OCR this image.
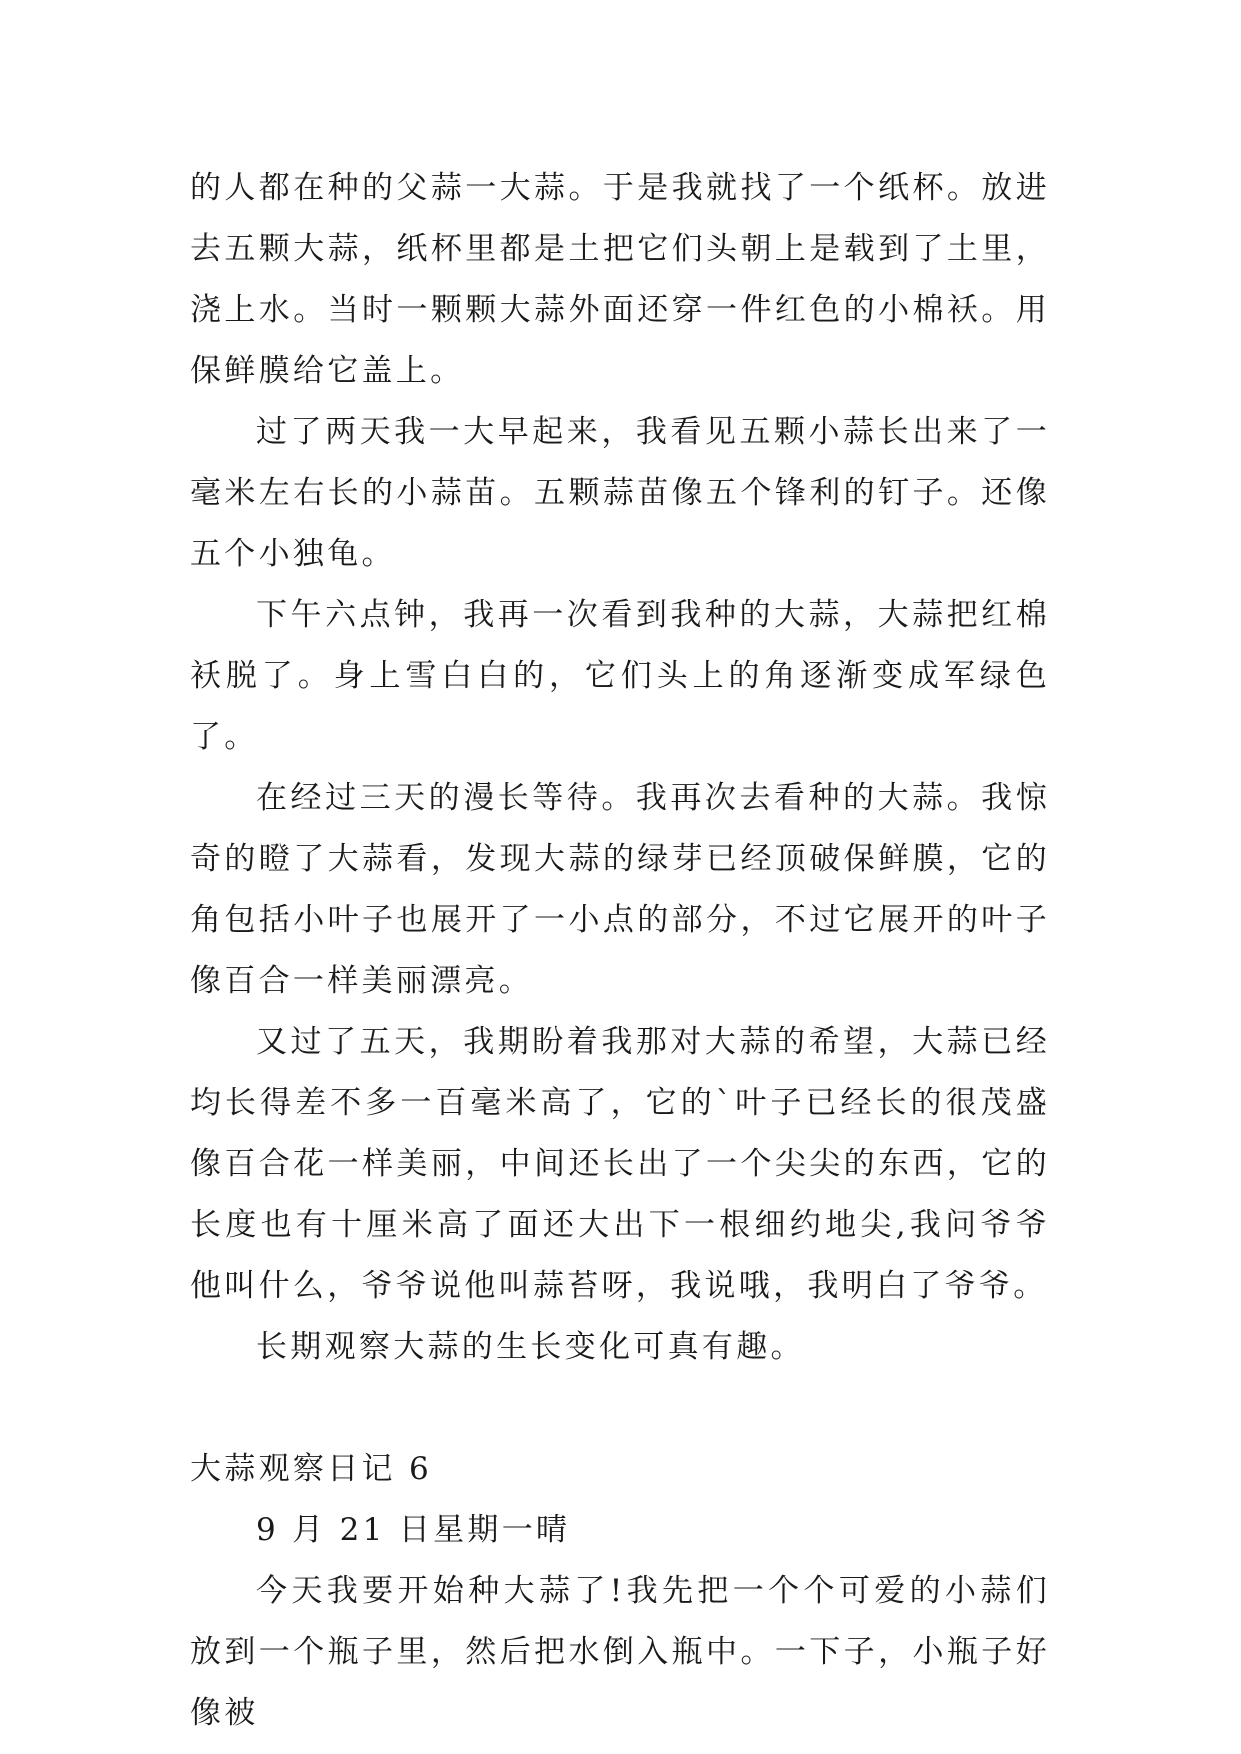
的人都在种的父蒜一大蒜。于是我就找了一个纸杯。放进去五颗大蒜，纸杯里都是土把它们头朝上是载到了土里，浇上水。当时一颗颗大蒜外面还穿一件红色的小棉袄。用保鲜膜给它盖上。

过了两天我一大早起来，我看见五颗小蒜长出来了一毫米左右长的小蒜苗。五颗蒜苗像五个锋利的钉子。还像五个小独龟。

下午六点钟，我再一次看到我种的大蒜，大蒜把红棉袄脱了。身上雪白白的，它们头上的角逐渐变成军绿色了。

在经过三天的漫长等待。我再次去看种的大蒜。我惊奇的瞪了大蒜看，发现大蒜的绿芽已经顶破保鲜膜，它的角包括小叶子也展开了一小点的部分，不过它展开的叶子像百合一样美丽漂亮。

又过了五天，我期盼着我那对大蒜的希望，大蒜已经均长得差不多一百毫米高了，它的`叶子已经长的很茂盛像百合花一样美丽，中间还长出了一个尖尖的东西，它的长度也有十厘米高了面还大出下一根细约地尖,我问爷爷他叫什么，爷爷说他叫蒜苔呀，我说哦，我明白了爷爷。

长期观察大蒜的生长变化可真有趣。

大蒜观察日记 6

9 月 21 日星期一晴

今天我要开始种大蒜了!我先把一个个可爱的小蒜们放到一个瓶子里，然后把水倒入瓶中。一下子，小瓶子好像被
